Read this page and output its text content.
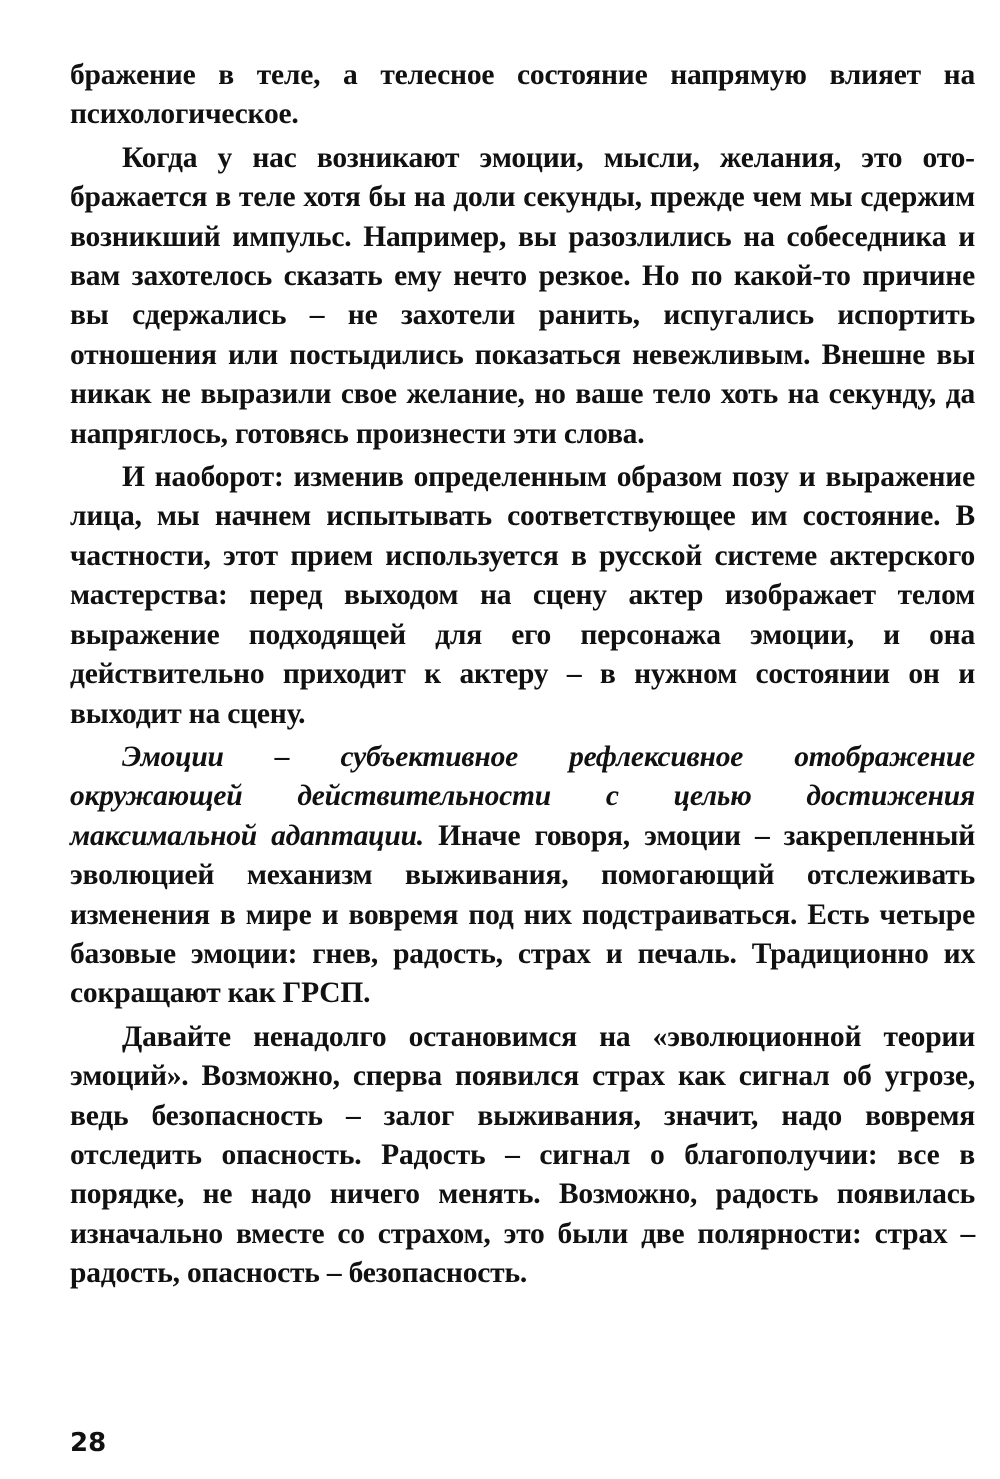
бражение в теле, а телесное состояние напрямую влияет на психологическое.

Когда у нас возникают эмоции, мысли, желания, это отображается в теле хотя бы на доли секунды, прежде чем мы сдержим возникший импульс. Например, вы разозлились на собеседника и вам захотелось сказать ему нечто резкое. Но по какой-то причине вы сдержались – не захотели ранить, испугались испортить отношения или постыдились показаться невежливым. Внешне вы никак не выразили свое желание, но ваше тело хоть на секунду, да напряглось, готовясь произнести эти слова.

И наоборот: изменив определенным образом позу и выражение лица, мы начнем испытывать соответствующее им состояние. В частности, этот прием используется в русской системе актерского мастерства: перед выходом на сцену актер изображает телом выражение подходящей для его персонажа эмоции, и она действительно приходит к актеру – в нужном состоянии он и выходит на сцену.

Эмоции – субъективное рефлексивное отображение окружающей действительности с целью достижения максимальной адаптации. Иначе говоря, эмоции – закрепленный эволюцией механизм выживания, помогающий отслеживать изменения в мире и вовремя под них подстраиваться. Есть четыре базовые эмоции: гнев, радость, страх и печаль. Традиционно их сокращают как ГРСП.

Давайте ненадолго остановимся на «эволюционной теории эмоций». Возможно, сперва появился страх как сигнал об угрозе, ведь безопасность – залог выживания, значит, надо вовремя отследить опасность. Радость – сигнал о благополучии: все в порядке, не надо ничего менять. Возможно, радость появилась изначально вместе со страхом, это были две полярности: страх – радость, опасность – безопасность.

28
